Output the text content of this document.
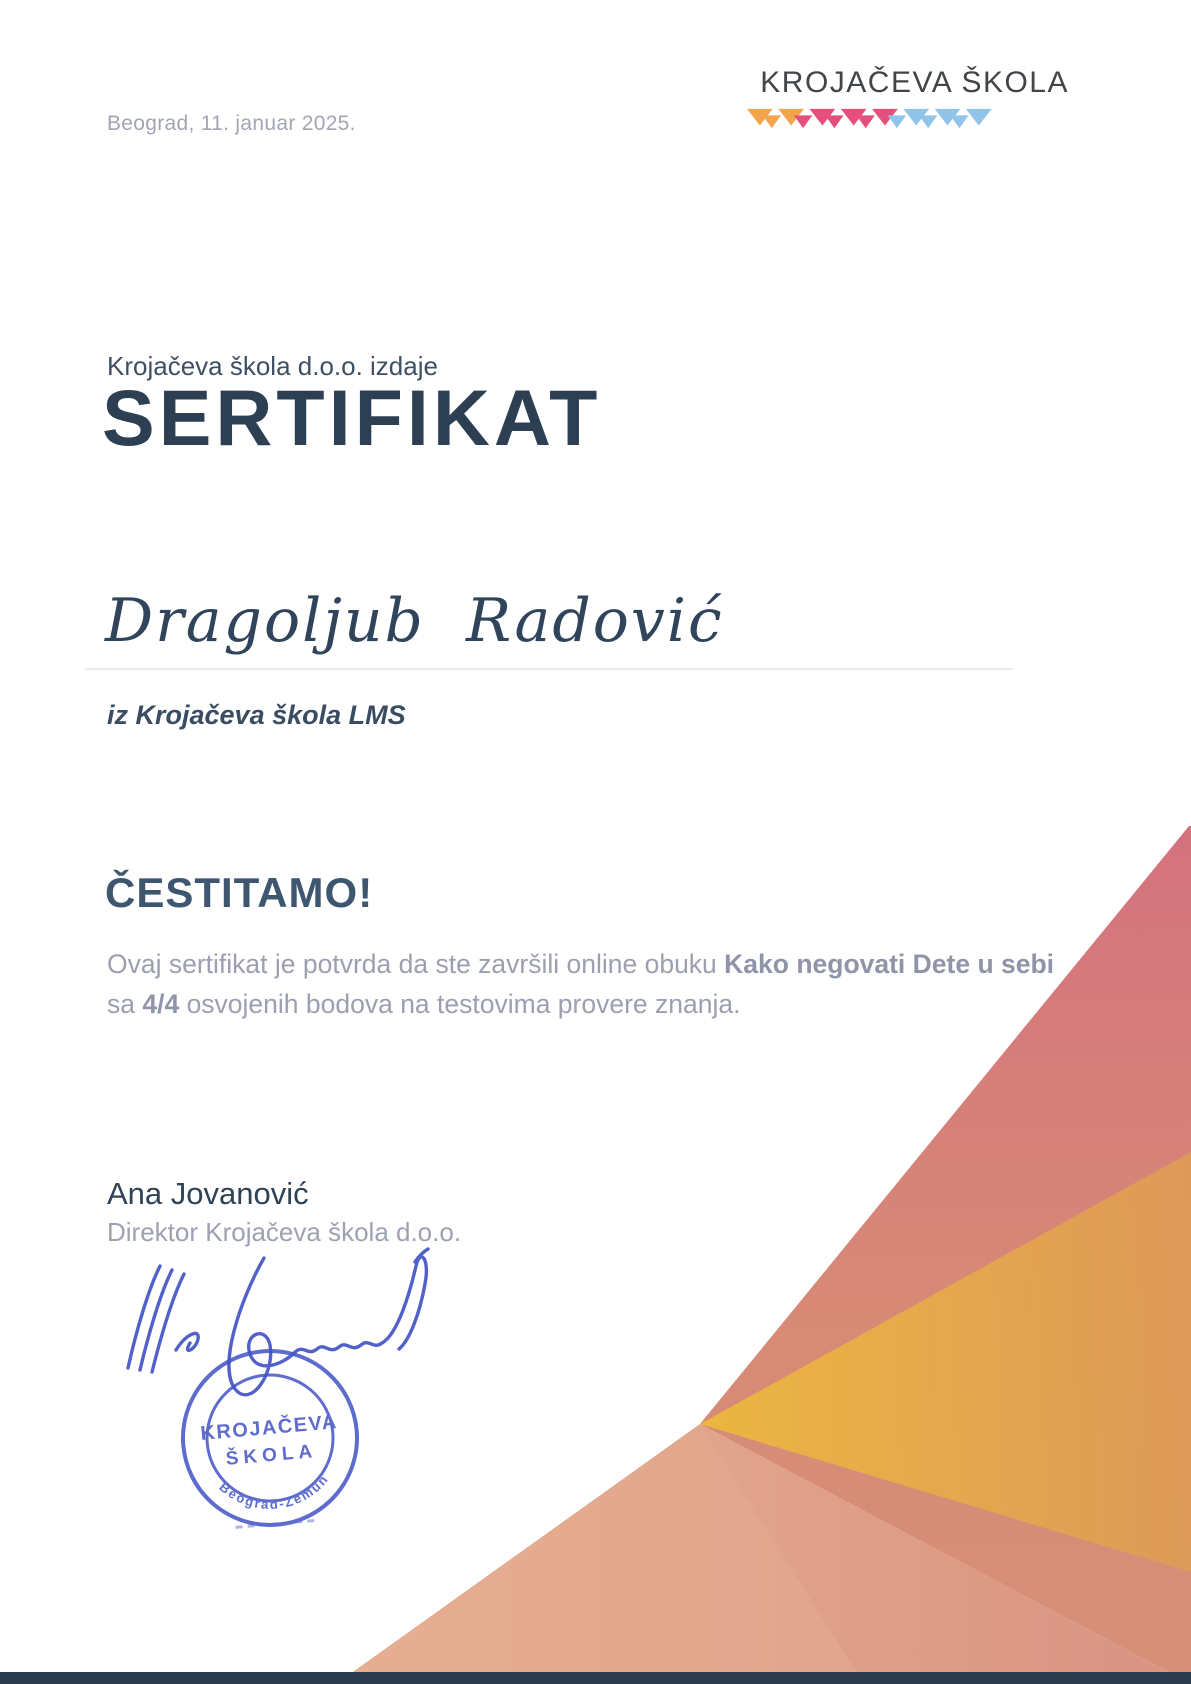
Beograd, 11. januar 2025.
KROJAČEVA ŠKOLA
Krojačeva škola d.o.o. izdaje
SERTIFIKAT
Dragoljub Radović
iz Krojačeva škola LMS
ČESTITAMO!

Ovaj sertifikat je potvrda da ste završili online obuku Kako negovati Dete u sebi sa 4/4 osvojenih bodova na testovima provere znanja.

Ana Jovanović
Direktor Krojačeva škola d.o.o.
KROJAČEVA
ŠKOLA
Beograd-Zemun
